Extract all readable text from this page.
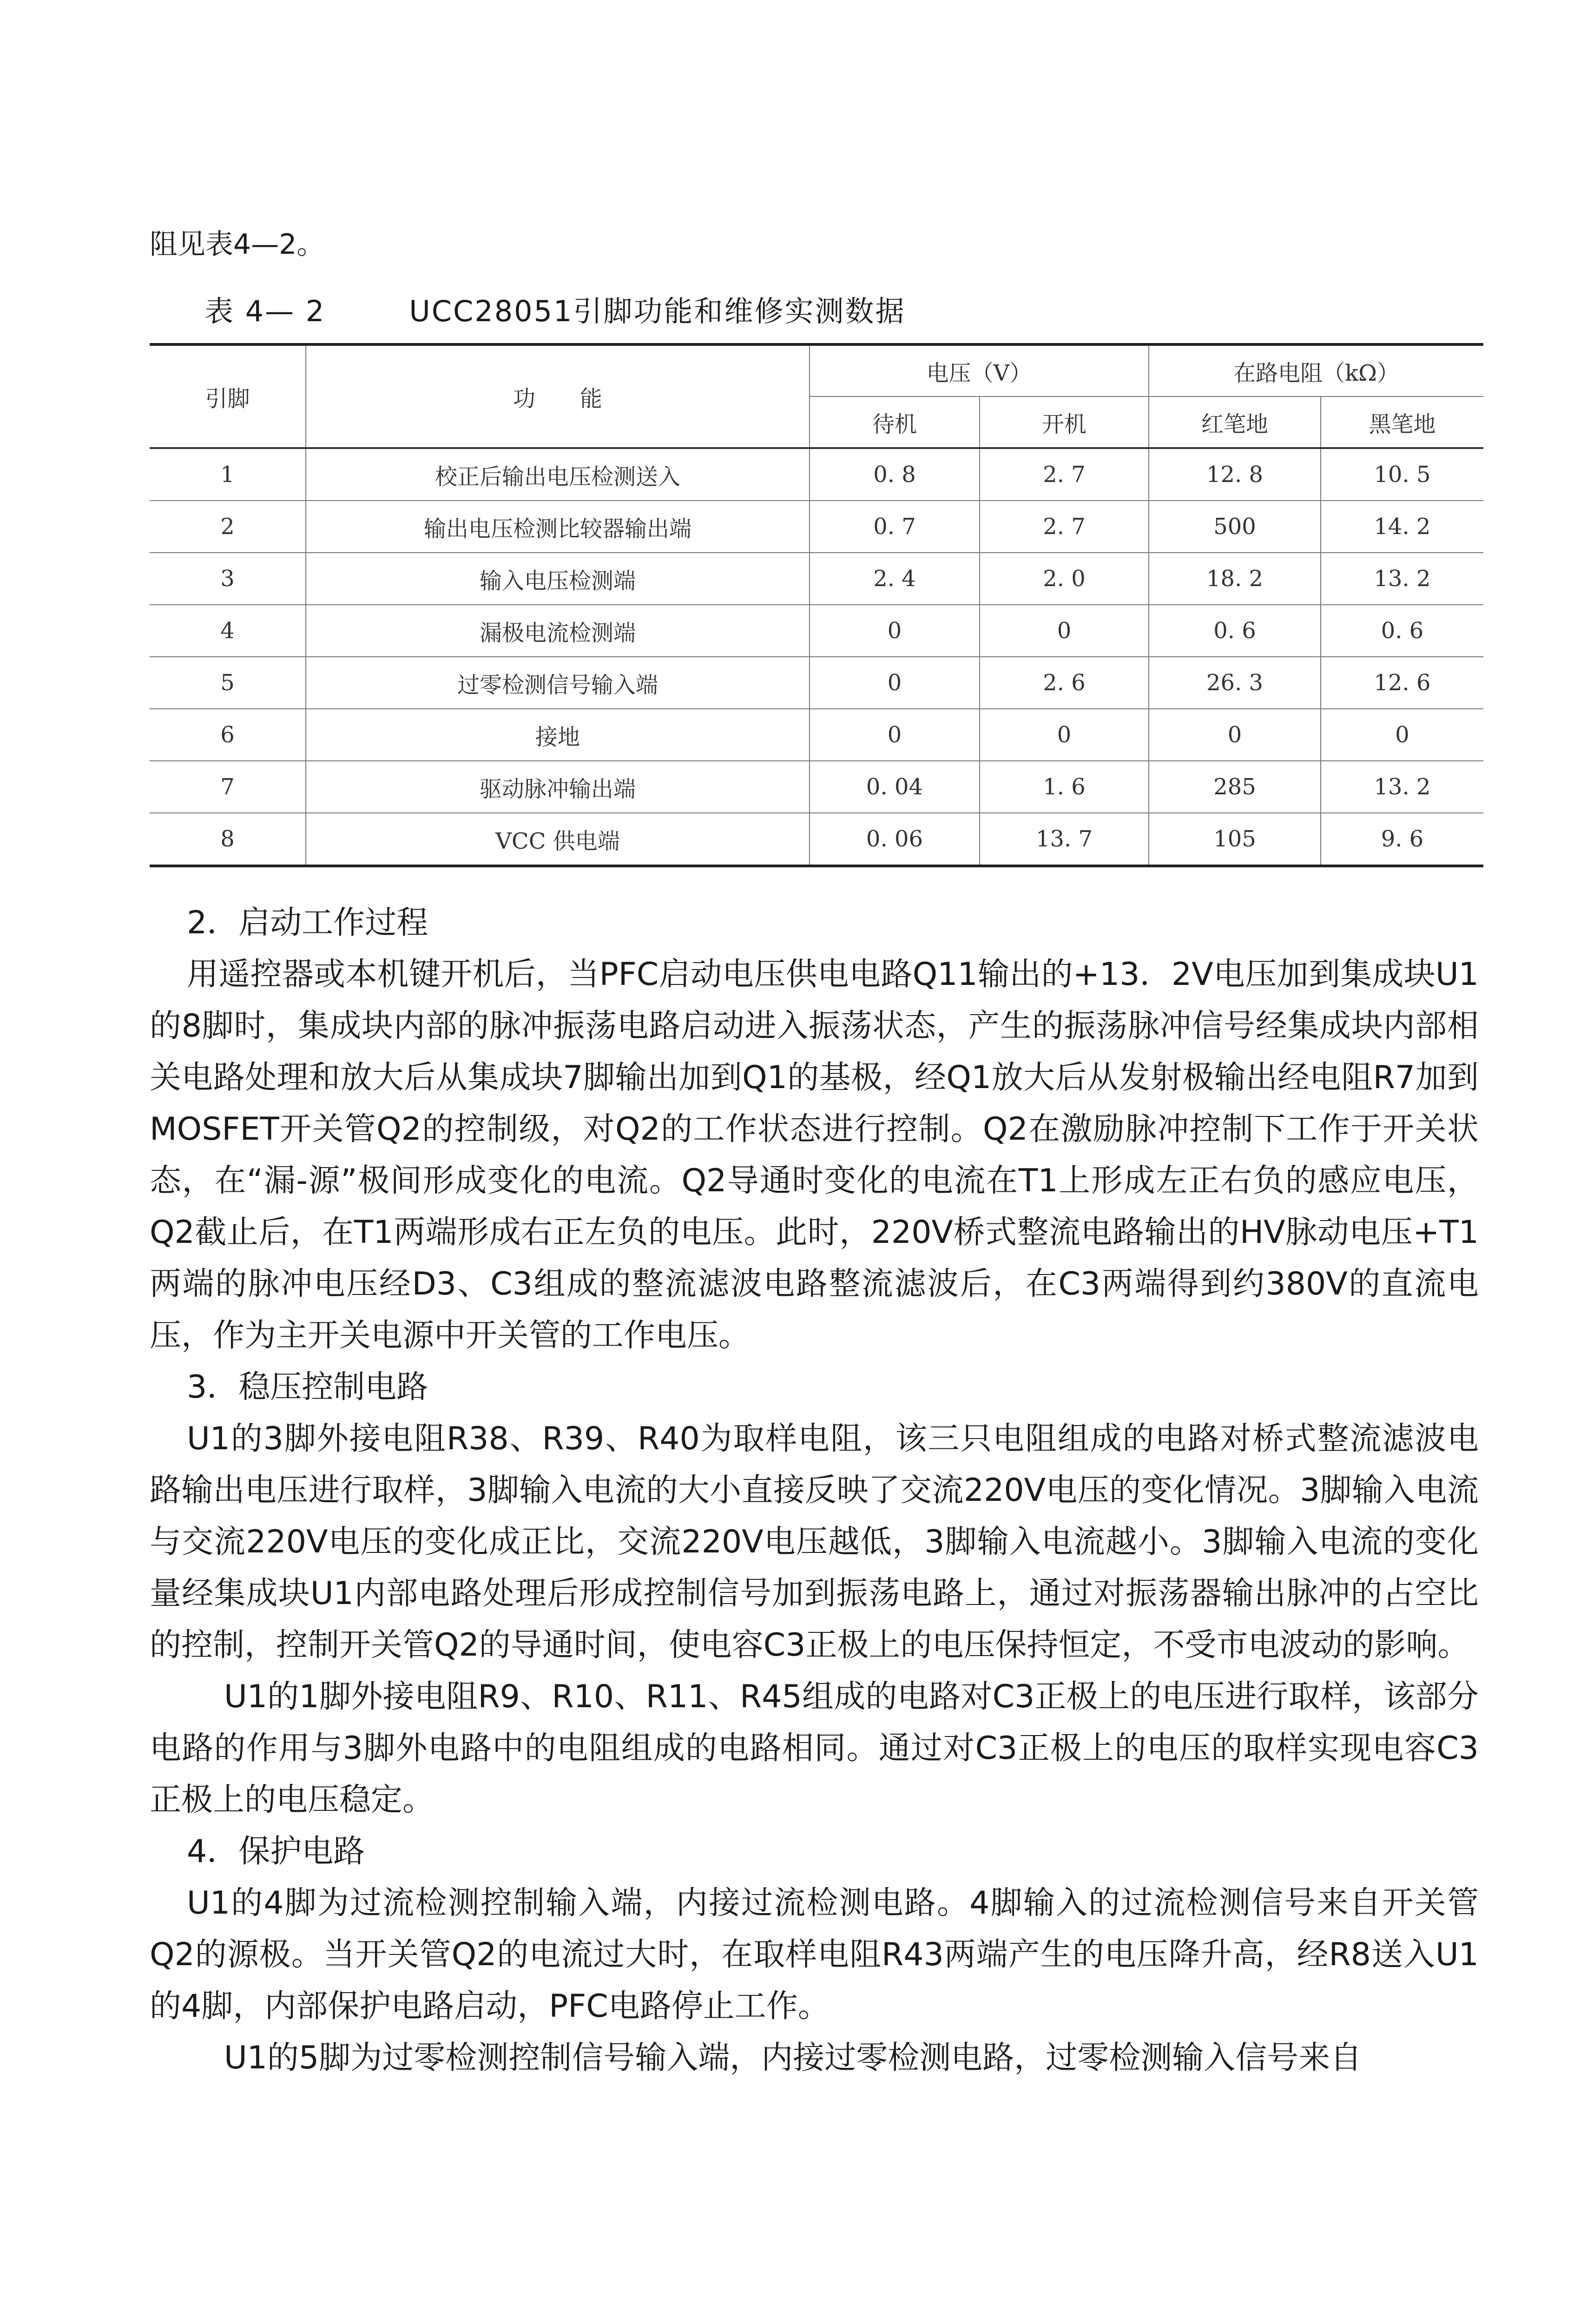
阻见表4—2。

表 4— 2	UCC28051引脚功能和维修实测数据
引脚	功　　能	电压（V）		在路电阻（kΩ）	
		待机	开机	红笔地	黑笔地
1	校正后输出电压检测送入	0. 8	2. 7	12. 8	10. 5
2	输出电压检测比较器输出端	0. 7	2. 7	500	14. 2
3	输入电压检测端	2. 4	2. 0	18. 2	13. 2
4	漏极电流检测端	0	0	0. 6	0. 6
5	过零检测信号输入端	0	2. 6	26. 3	12. 6
6	接地	0	0	0	0
7	驱动脉冲输出端	0. 04	1. 6	285	13. 2
8	VCC 供电端	0. 06	13. 7	105	9. 6

2．启动工作过程

用遥控器或本机键开机后，当PFC启动电压供电电路Q11输出的+13．2V电压加到集成块U1的8脚时，集成块内部的脉冲振荡电路启动进入振荡状态，产生的振荡脉冲信号经集成块内部相关电路处理和放大后从集成块7脚输出加到Q1的基极，经Q1放大后从发射极输出经电阻R7加到MOSFET开关管Q2的控制级，对Q2的工作状态进行控制。Q2在激励脉冲控制下工作于开关状态，在“漏-源”极间形成变化的电流。Q2导通时变化的电流在T1上形成左正右负的感应电压，Q2截止后，在T1两端形成右正左负的电压。此时，220V桥式整流电路输出的HV脉动电压+T1两端的脉冲电压经D3、C3组成的整流滤波电路整流滤波后，在C3两端得到约380V的直流电压，作为主开关电源中开关管的工作电压。

3．稳压控制电路

U1的3脚外接电阻R38、R39、R40为取样电阻，该三只电阻组成的电路对桥式整流滤波电路输出电压进行取样，3脚输入电流的大小直接反映了交流220V电压的变化情况。3脚输入电流与交流220V电压的变化成正比，交流220V电压越低，3脚输入电流越小。3脚输入电流的变化量经集成块U1内部电路处理后形成控制信号加到振荡电路上，通过对振荡器输出脉冲的占空比的控制，控制开关管Q2的导通时间，使电容C3正极上的电压保持恒定，不受市电波动的影响。

U1的1脚外接电阻R9、R10、R11、R45组成的电路对C3正极上的电压进行取样，该部分电路的作用与3脚外电路中的电阻组成的电路相同。通过对C3正极上的电压的取样实现电容C3正极上的电压稳定。

4．保护电路

U1的4脚为过流检测控制输入端，内接过流检测电路。4脚输入的过流检测信号来自开关管Q2的源极。当开关管Q2的电流过大时，在取样电阻R43两端产生的电压降升高，经R8送入U1的4脚，内部保护电路启动，PFC电路停止工作。

U1的5脚为过零检测控制信号输入端，内接过零检测电路，过零检测输入信号来自
